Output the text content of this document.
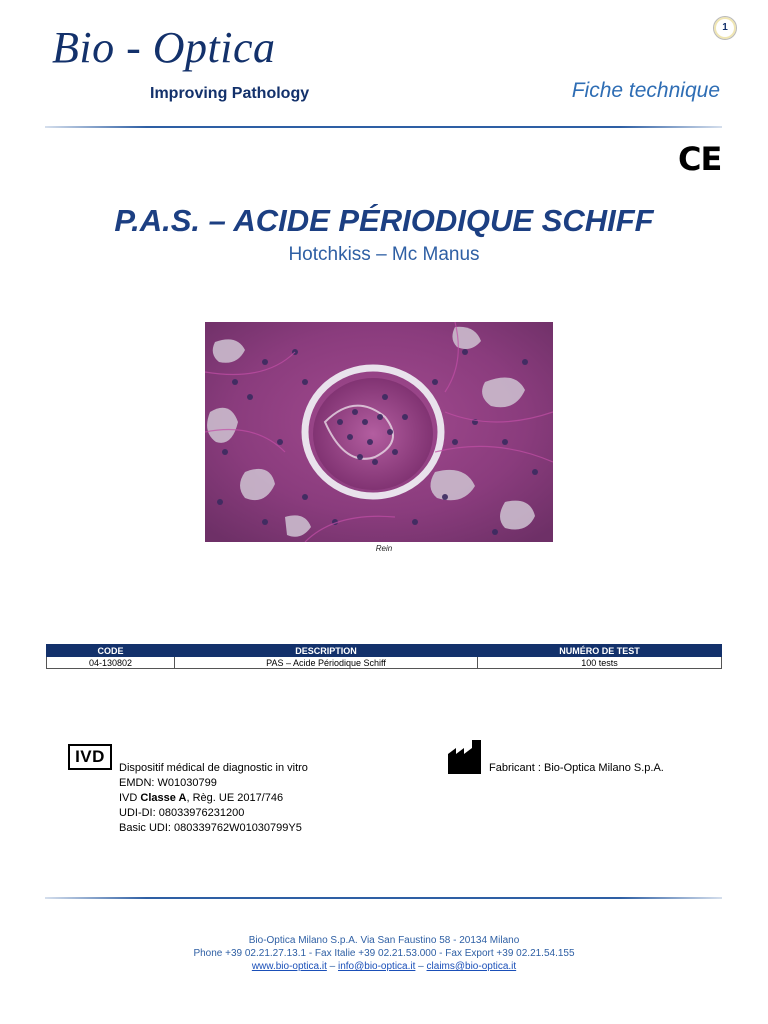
Bio - Optica
Improving Pathology	Fiche technique
1
CE
P.A.S. – ACIDE PÉRIODIQUE SCHIFF
Hotchkiss – Mc Manus
Rein
CODE	DESCRIPTION	NUMÉRO DE TEST
04-130802	PAS – Acide Périodique Schiff	100 tests
IVD
Dispositif médical de diagnostic in vitro
EMDN: W01030799
IVD Classe A, Règ. UE 2017/746
UDI-DI: 08033976231200
Basic UDI: 080339762W01030799Y5
Fabricant : Bio-Optica Milano S.p.A.
Bio-Optica Milano S.p.A. Via San Faustino 58 - 20134 Milano
Phone +39 02.21.27.13.1 - Fax Italie +39 02.21.53.000 - Fax Export +39 02.21.54.155
www.bio-optica.it – info@bio-optica.it – claims@bio-optica.it
